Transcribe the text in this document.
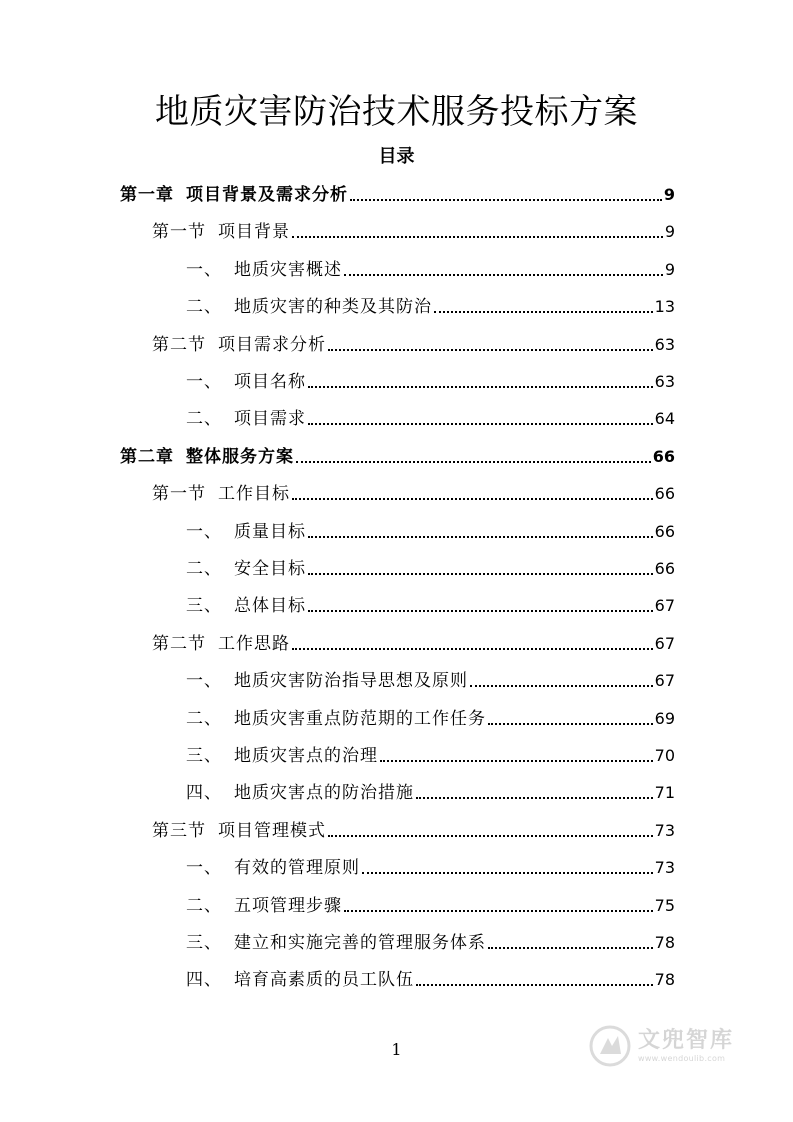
地质灾害防治技术服务投标方案
目录
第一章 项目背景及需求分析	9
第一节 项目背景	9
一、 地质灾害概述	9
二、 地质灾害的种类及其防治	13
第二节 项目需求分析	63
一、 项目名称	63
二、 项目需求	64
第二章 整体服务方案	66
第一节 工作目标	66
一、 质量目标	66
二、 安全目标	66
三、 总体目标	67
第二节 工作思路	67
一、 地质灾害防治指导思想及原则	67
二、 地质灾害重点防范期的工作任务	69
三、 地质灾害点的治理	70
四、 地质灾害点的防治措施	71
第三节 项目管理模式	73
一、 有效的管理原则	73
二、 五项管理步骤	75
三、 建立和实施完善的管理服务体系	78
四、 培育高素质的员工队伍	78
1	文兜智库
www.wendoulib.com
